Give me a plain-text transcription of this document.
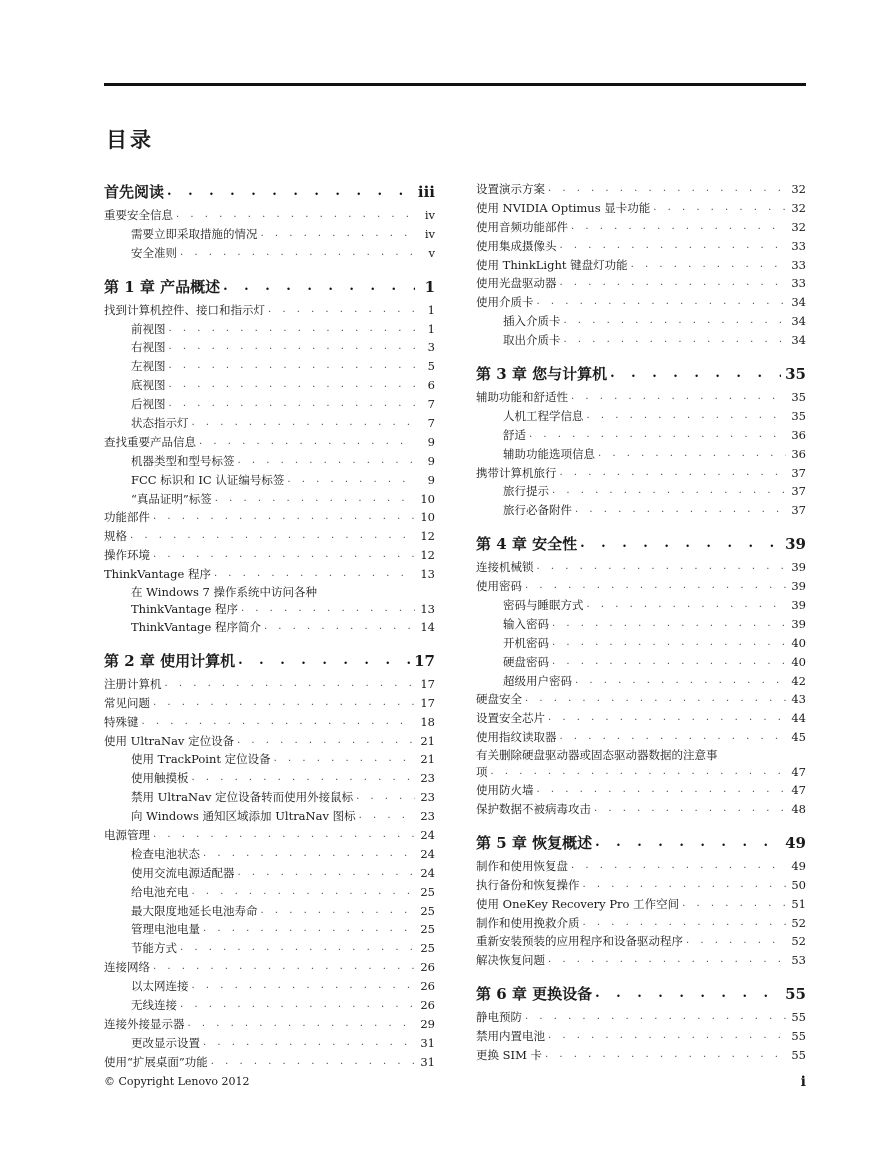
目录
首先阅读 . . .	iii
重要安全信息 . . .	iv
需要立即采取措施的情况 . . .	iv
安全准则 . . .	v
第 1 章 产品概述 . . .	1
找到计算机控件、接口和指示灯 . . .	1
前视图 . . .	1
右视图 . . .	3
左视图 . . .	5
底视图 . . .	6
后视图 . . .	7
状态指示灯 . . .	7
查找重要产品信息 . . .	9
机器类型和型号标签 . . .	9
FCC 标识和 IC 认证编号标签 . . .	9
“真品证明”标签 . . .	10
功能部件 . . .	10
规格 . . .	12
操作环境 . . .	12
ThinkVantage 程序 . . .	13
在 Windows 7 操作系统中访问各种
ThinkVantage 程序 . . .	13
ThinkVantage 程序简介 . . .	14
第 2 章 使用计算机 . . .	17
注册计算机 . . .	17
常见问题 . . .	17
特殊键 . . .	18
使用 UltraNav 定位设备 . . .	21
使用 TrackPoint 定位设备 . . .	21
使用触摸板 . . .	23
禁用 UltraNav 定位设备转而使用外接鼠标 . . .	23
向 Windows 通知区域添加 UltraNav 图标 . . .	23
电源管理 . . .	24
检查电池状态 . . .	24
使用交流电源适配器 . . .	24
给电池充电 . . .	25
最大限度地延长电池寿命 . . .	25
管理电池电量 . . .	25
节能方式 . . .	25
连接网络 . . .	26
以太网连接 . . .	26
无线连接 . . .	26
连接外接显示器 . . .	29
更改显示设置 . . .	31
使用“扩展桌面”功能 . . .	31
设置演示方案 . . .	32
使用 NVIDIA Optimus 显卡功能 . . .	32
使用音频功能部件 . . .	32
使用集成摄像头 . . .	33
使用 ThinkLight 键盘灯功能 . . .	33
使用光盘驱动器 . . .	33
使用介质卡 . . .	34
插入介质卡 . . .	34
取出介质卡 . . .	34
第 3 章 您与计算机 . . .	35
辅助功能和舒适性 . . .	35
人机工程学信息 . . .	35
舒适 . . .	36
辅助功能选项信息 . . .	36
携带计算机旅行 . . .	37
旅行提示 . . .	37
旅行必备附件 . . .	37
第 4 章 安全性 . . .	39
连接机械锁 . . .	39
使用密码 . . .	39
密码与睡眠方式 . . .	39
输入密码 . . .	39
开机密码 . . .	40
硬盘密码 . . .	40
超级用户密码 . . .	42
硬盘安全 . . .	43
设置安全芯片 . . .	44
使用指纹读取器 . . .	45
有关删除硬盘驱动器或固态驱动器数据的注意事
项 . . .	47
使用防火墙 . . .	47
保护数据不被病毒攻击 . . .	48
第 5 章 恢复概述 . . .	49
制作和使用恢复盘 . . .	49
执行备份和恢复操作 . . .	50
使用 OneKey Recovery Pro 工作空间 . . .	51
制作和使用挽救介质 . . .	52
重新安装预装的应用程序和设备驱动程序 . . .	52
解决恢复问题 . . .	53
第 6 章 更换设备 . . .	55
静电预防 . . .	55
禁用内置电池 . . .	55
更换 SIM 卡 . . .	55
© Copyright Lenovo 2012	i
